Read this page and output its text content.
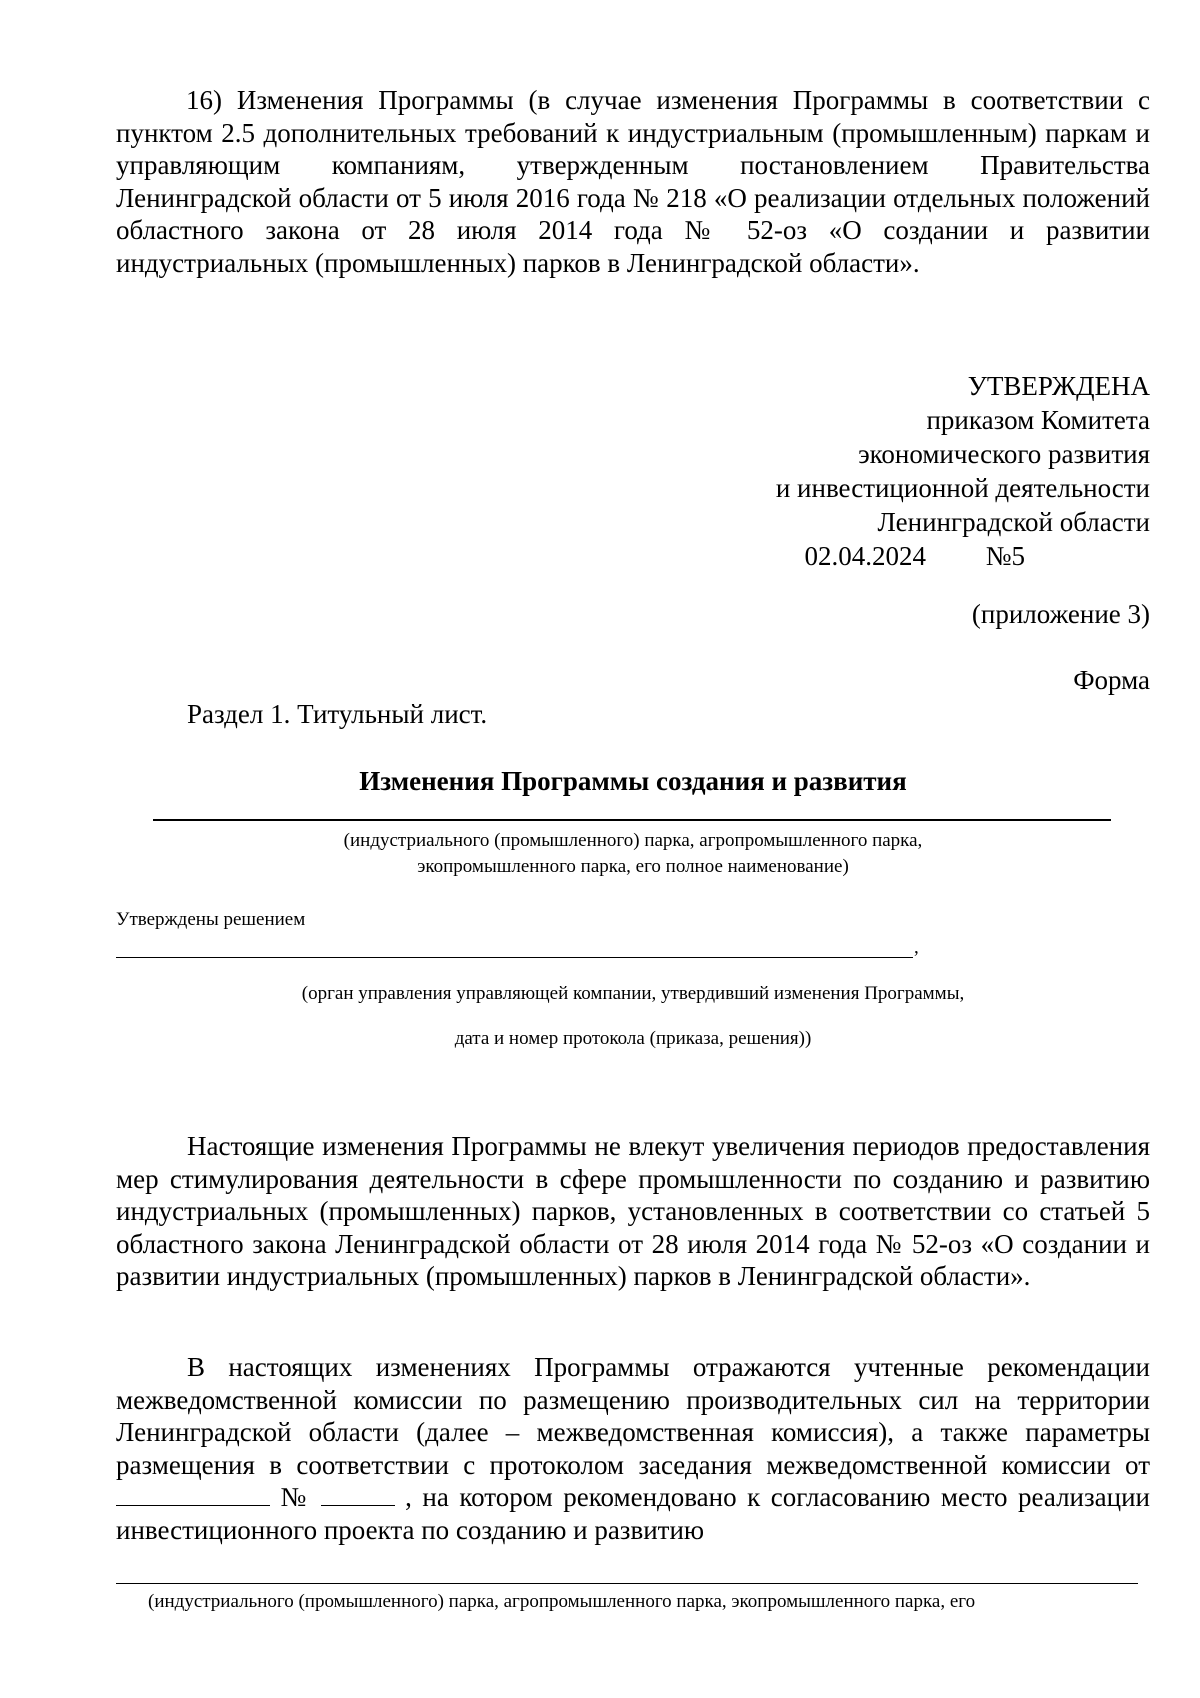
16) Изменения Программы (в случае изменения Программы в соответствии с пунктом 2.5 дополнительных требований к индустриальным (промышленным) паркам и управляющим компаниям, утвержденным постановлением Правительства Ленинградской области от 5 июля 2016 года № 218 «О реализации отдельных положений областного закона от 28 июля 2014 года № 52-оз «О создании и развитии индустриальных (промышленных) парков в Ленинградской области».

УТВЕРЖДЕНА
приказом Комитета
экономического развития
и инвестиционной деятельности
Ленинградской области
02.04.2024 №5
(приложение 3)
Форма
Раздел 1. Титульный лист.
Изменения Программы создания и развития
(индустриального (промышленного) парка, агропромышленного парка,
экопромышленного парка, его полное наименование)
Утверждены решением
,
(орган управления управляющей компании, утвердивший изменения Программы,
дата и номер протокола (приказа, решения))

Настоящие изменения Программы не влекут увеличения периодов предоставления мер стимулирования деятельности в сфере промышленности по созданию и развитию индустриальных (промышленных) парков, установленных в соответствии со статьей 5 областного закона Ленинградской области от 28 июля 2014 года № 52-оз «О создании и развитии индустриальных (промышленных) парков в Ленинградской области».

В настоящих изменениях Программы отражаются учтенные рекомендации межведомственной комиссии по размещению производительных сил на территории Ленинградской области (далее – межведомственная комиссия), а также параметры размещения в соответствии с протоколом заседания межведомственной комиссии от №	, на котором рекомендовано к согласованию место реализации инвестиционного проекта по созданию и развитию

(индустриального (промышленного) парка, агропромышленного парка, экопромышленного парка, его
